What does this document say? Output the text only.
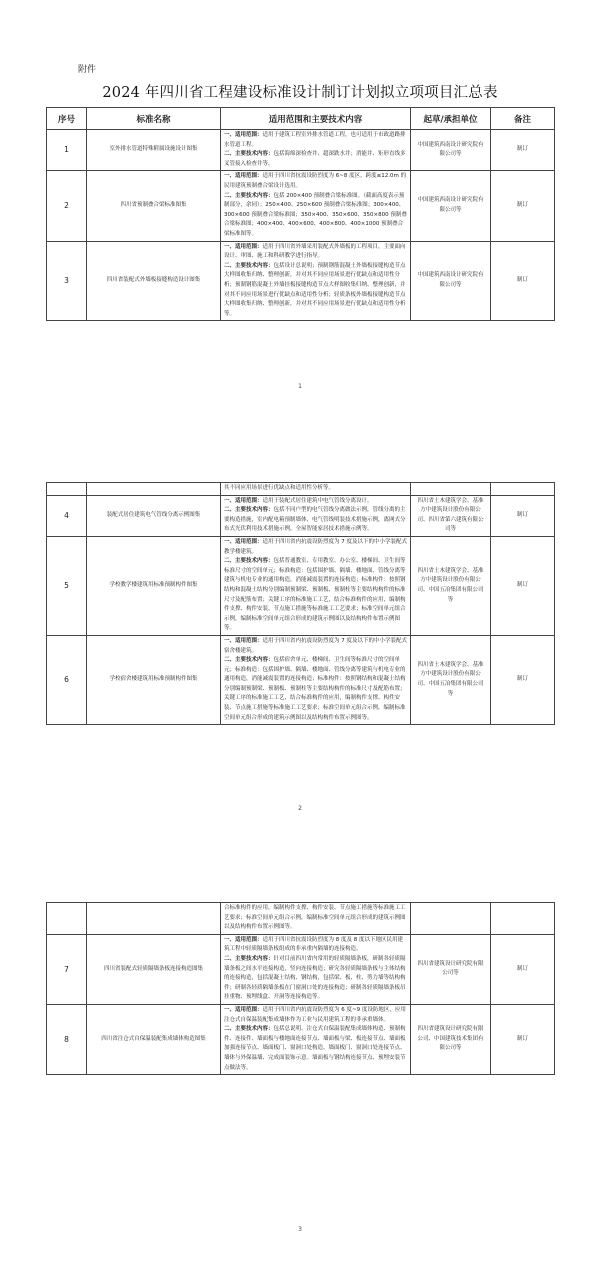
附件
2024 年四川省工程建设标准设计制订计划拟立项项目汇总表
序号	标准名称	适用范围和主要技术内容	起草/承担单位	备注
1	室外排水管道特殊附属设施设计图集	一、适用范围：适用于建筑工程室外排水管道工程，也可适用于市政道路排水管道工程。
二、主要技术内容：包括海绵深检查井、超深跌水井；消能井、矩形直线多叉管接入检查井等。	中国建筑西南设计研究院有限公司等	制订
2	四川省预制叠合梁标准图集	一、适用范围：适用于四川省抗震设防烈度为 6~8 度区，跨度≤12.0m 的民用建筑预制叠合梁设计选用。
二、主要技术内容：包括 200×400 预制叠合梁标准图。（截面高度表示预制部分，余同）；250×400、250×600 预制叠合梁标准图；300×400、300×600 预制叠合梁标准图；350×400、350×600、350×800 预制叠合梁标准图；400×400、400×600、400×800、400×1000 预制叠合梁标准图等。	中国建筑西南设计研究院有限公司等	制订
3	四川省装配式外墙板接缝构造设计图集	一、适用范围：适用于四川省外墙采用装配式外墙板的工程项目，主要面向设计、审图、施工和科研教学进行指导。
二、主要技术内容：包括设计总说明；预制钢筋混凝土外墙板接缝构造节点大样图收集归纳、整理创新，并对其不同应用场景进行优缺点和适用性分析；预制钢筋混凝土外墙挂板接缝构造节点大样图收集归纳、整理创新，并对其不同应用场景进行优缺点和适用性分析；轻质条板外墙板接缝构造节点大样图收集归纳、整理创新，并对其不同应用场景进行优缺点和适用性分析等。	中国建筑西南设计研究院有限公司等	制订
1
		其不同应用场景进行优缺点和适用性分析等。		
4	装配式居住建筑电气管线分离示例图集	一、适用范围：适用于装配式居住建筑中电气管线分离设计。
二、主要技术内容：包括不同户型的电气管线分离做法示例，管线分离的主要构造措施，室内配电箱预制墙体、电气管线明装技术措施示例，离网式分布式光伏利用技术措施示例，全屋智能家居技术措施示例等。	四川省土木建筑学会、基准方中建筑设计股份有限公司、四川省第六建筑有限公司等	制订
5	学校教学楼建筑用标准预制构件图集	一、适用范围：适用于四川省内抗震设防烈度为 7 度及以下的中小学装配式教学楼建筑。
二、主要技术内容：包括普通教室、专用教室、办公室、楼梯间、卫生间等标准尺寸的空间单元；标准构造：包括围护墙、隔墙、楼地面、管线分离等建筑与机电专业的通用构造，消能减震装置的连接构造；标准构件：按照钢结构和混凝土结构分别编制预制梁、预制板、预制柱等主要结构构件的标准尺寸及配筋布置；关键工序的标准施工工艺，结合标准构件的应用，编制构件支撑、构件安装、节点施工措施等标准施工工艺要求；标准空间单元组合示例，编制标准空间单元组合形成的建筑示例图以及结构构件布置示例图等。	四川省土木建筑学会、基准方中建筑设计股份有限公司、中国五冶集团有限公司等	制订
6	学校宿舍楼建筑用标准预制构件图集	一、适用范围：适用于四川省内抗震设防烈度为 7 度及以下的中小学装配式宿舍楼建筑。
二、主要技术内容：包括宿舍单元、楼梯间、卫生间等标准尺寸的空间单元；标准构造：包括围护墙、隔墙、楼地面、管线分离等建筑与机电专业的通用构造，消能减震装置的连接构造；标准构件：按照钢结构和混凝土结构分别编制预制梁、预制板、预制柱等主要结构构件的标准尺寸及配筋布置；关键工序的标准施工工艺，结合标准构件的应用，编制构件支撑、构件安装、节点施工措施等标准施工工艺要求；标准空间单元组合示例，编制标准空间单元组合形成的建筑示例图以及结构构件布置示例图等。	四川省土木建筑学会、基准方中建筑设计股份有限公司、中国五冶集团有限公司等	制订
2
		合标准构件的应用，编制构件支撑、构件安装、节点施工措施等标准施工工艺要求；标准空间单元组合示例，编制标准空间单元组合形成的建筑示例图以及结构构件布置示例图等。		
7	四川省装配式轻质隔墙条板连接构造图集	一、适用范围：适用于四川省抗震设防烈度为 8 度及 8 度以下地区民用建筑工程中轻质隔墙条板组成的非承重内隔墙的连接构造。
二、主要技术内容：针对目前四川省内常用的轻质隔墙条板，研制各轻质隔墙条板之间水平连接构造，竖向连接构造；研究各轻质隔墙条板与主体结构的连接构造，包括混凝土结构、钢结构，包括梁、板、柱、剪力墙等结构构件；研制各轻质隔墙条板在门窗洞口处的连接构造；研制各轻质隔墙条板吊挂重物、预埋线盒、开洞等连接构造等。	四川省建筑设计研究院有限公司等	制订
8	四川省注仓式自保温装配集成墙体构造图集	一、适用范围：适用于四川省内抗震设防烈度为 6 度~9 度设防地区，应用注仓式自保温装配集成墙体作为工业与民用建筑工程的非承重墙体。
二、主要技术内容：包括总说明、注仓式自保温装配集成墙体构造、预制构件、连接件、墙面板与楼地面连接节点、墙面板与梁、板连接节点、墙面板加强连接节点、墙面板门、窗洞口处构造、墙面板门、窗洞口处连接节点、墙体与外保温墙、完成面装饰示意。墙面板与钢结构连接节点、预埋安装节点做法等。	四川省建筑设计研究院有限公司、中国建筑技术集团有限公司等	制订
3
